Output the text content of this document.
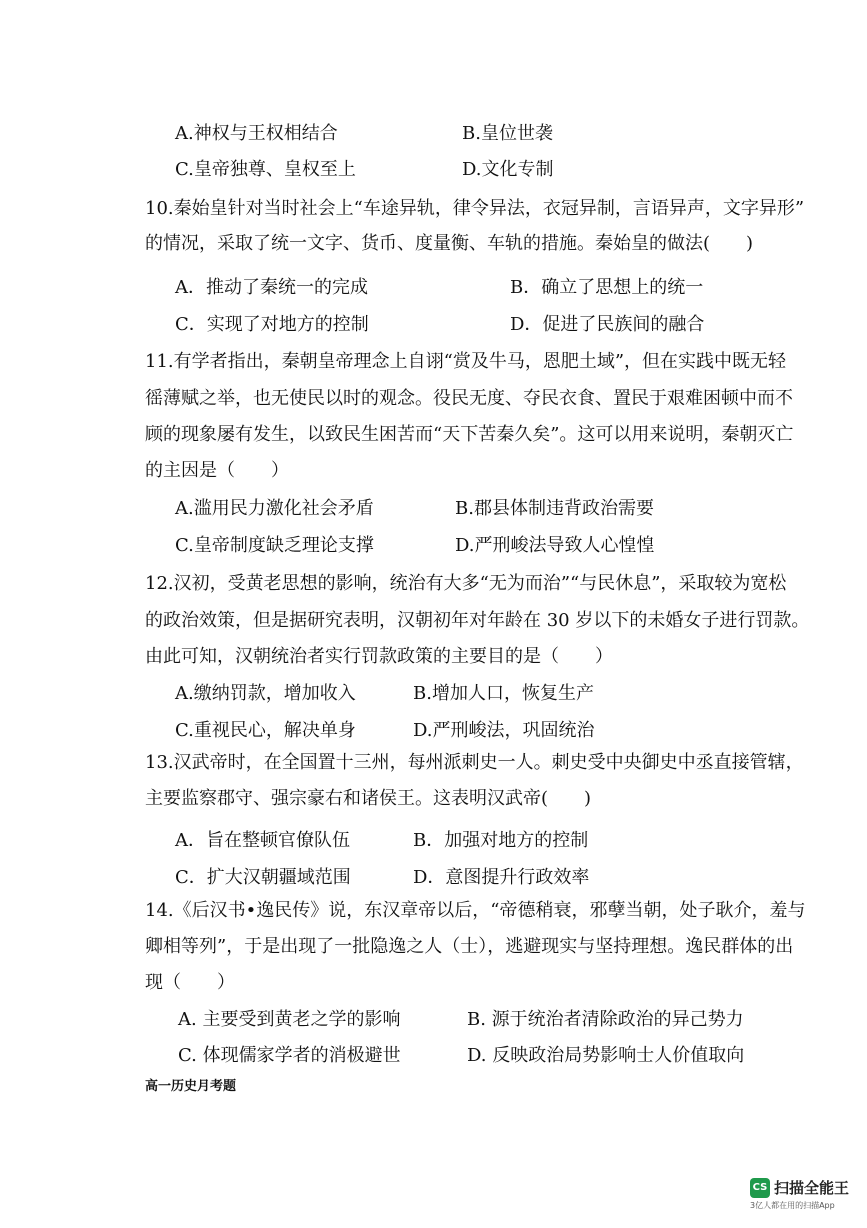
A.神权与王权相结合	B.皇位世袭
C.皇帝独尊、皇权至上	D.文化专制
10.秦始皇针对当时社会上“车途异轨，律令异法，衣冠异制，言语异声，文字异形”
的情况，采取了统一文字、货币、度量衡、车轨的措施。秦始皇的做法(　　)
A．推动了秦统一的完成	B．确立了思想上的统一
C．实现了对地方的控制	D．促进了民族间的融合
11.有学者指出，秦朝皇帝理念上自诩“赏及牛马，恩肥土域”，但在实践中既无轻
徭薄赋之举，也无使民以时的观念。役民无度、夺民衣食、置民于艰难困顿中而不
顾的现象屡有发生，以致民生困苦而“天下苦秦久矣”。这可以用来说明，秦朝灭亡
的主因是（　　）
A.滥用民力激化社会矛盾	B.郡县体制违背政治需要
C.皇帝制度缺乏理论支撑	D.严刑峻法导致人心惶惶
12.汉初，受黄老思想的影响，统治有大多“无为而治”“与民休息”，采取较为宽松
的政治效策，但是据研究表明，汉朝初年对年龄在 30 岁以下的未婚女子进行罚款。
由此可知，汉朝统治者实行罚款政策的主要目的是（　　）
A.缴纳罚款，增加收入	B.增加人口，恢复生产
C.重视民心，解决单身	D.严刑峻法，巩固统治
13.汉武帝时，在全国置十三州，每州派刺史一人。刺史受中央御史中丞直接管辖，
主要监察郡守、强宗豪右和诸侯王。这表明汉武帝(　　)
A．旨在整顿官僚队伍	B．加强对地方的控制
C．扩大汉朝疆域范围	D．意图提升行政效率
14.《后汉书•逸民传》说，东汉章帝以后，“帝德稍衰，邪孽当朝，处子耿介，羞与
卿相等列”，于是出现了一批隐逸之人（士），逃避现实与坚持理想。逸民群体的出
现（　　）
A. 主要受到黄老之学的影响	B. 源于统治者清除政治的异己势力
C. 体现儒家学者的消极避世	D. 反映政治局势影响士人价值取向
高一历史月考题
CS 扫描全能王
3亿人都在用的扫描App
